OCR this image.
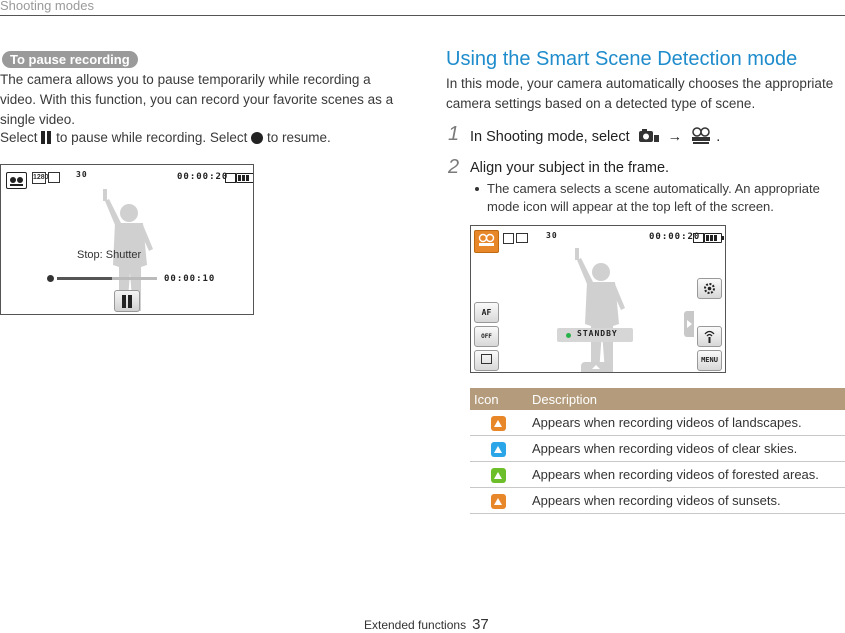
Shooting modes
To pause recording
The camera allows you to pause temporarily while recording a video. With this function, you can record your favorite scenes as a single video.
Select to pause while recording. Select to resume.
1280	30	00:00:20
Stop: Shutter
00:00:10
Using the Smart Scene Detection mode
In this mode, your camera automatically chooses the appropriate camera settings based on a detected type of scene.
1 In Shooting mode, select	→ .
2 Align your subject in the frame.
The camera selects a scene automatically. An appropriate mode icon will appear at the top left of the screen.
30	00:00:20
AF
OFF	STANDBY
MENU
Icon	Description
	Appears when recording videos of landscapes.
	Appears when recording videos of clear skies.
	Appears when recording videos of forested areas.
	Appears when recording videos of sunsets.
Extended functions 37
